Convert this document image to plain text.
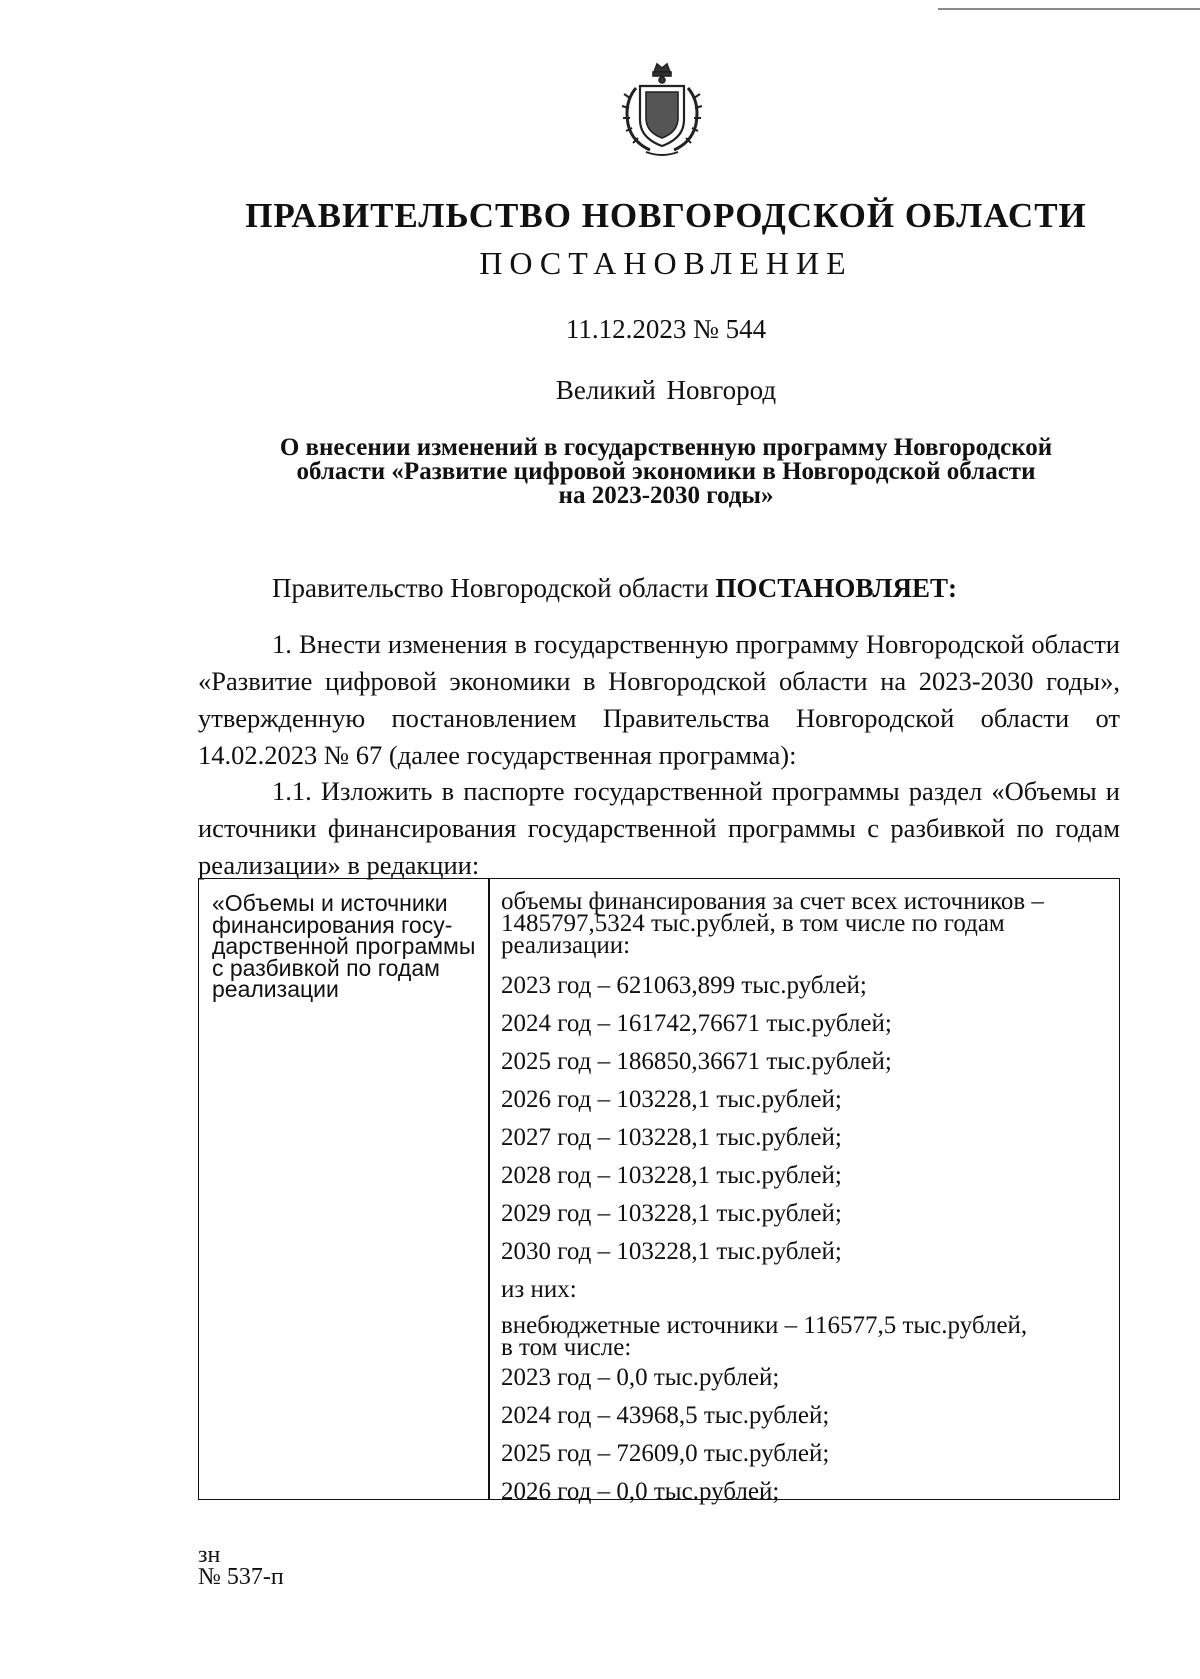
ПРАВИТЕЛЬСТВО НОВГОРОДСКОЙ ОБЛАСТИ
ПОСТАНОВЛЕНИЕ
11.12.2023 № 544
Великий Новгород
О внесении изменений в государственную программу Новгородской
области «Развитие цифровой экономики в Новгородской области
на 2023-2030 годы»
Правительство Новгородской области ПОСТАНОВЛЯЕТ:
1. Внести изменения в государственную программу Новгородской области «Развитие цифровой экономики в Новгородской области на 2023-2030 годы», утвержденную постановлением Правительства Новгородской области от 14.02.2023 № 67 (далее государственная программа):
1.1. Изложить в паспорте государственной программы раздел «Объемы и источники финансирования государственной программы с разбивкой по годам реализации» в редакции:
«Объемы и источники
финансирования госу-
дарственной программы
с разбивкой по годам
реализации
объемы финансирования за счет всех источников –
1485797,5324 тыс.рублей, в том числе по годам
реализации:
2023 год – 621063,899 тыс.рублей;
2024 год – 161742,76671 тыс.рублей;
2025 год – 186850,36671 тыс.рублей;
2026 год – 103228,1 тыс.рублей;
2027 год – 103228,1 тыс.рублей;
2028 год – 103228,1 тыс.рублей;
2029 год – 103228,1 тыс.рублей;
2030 год – 103228,1 тыс.рублей;
из них:
внебюджетные источники – 116577,5 тыс.рублей,
в том числе:
2023 год – 0,0 тыс.рублей;
2024 год – 43968,5 тыс.рублей;
2025 год – 72609,0 тыс.рублей;
2026 год – 0,0 тыс.рублей;
зн
№ 537-п
